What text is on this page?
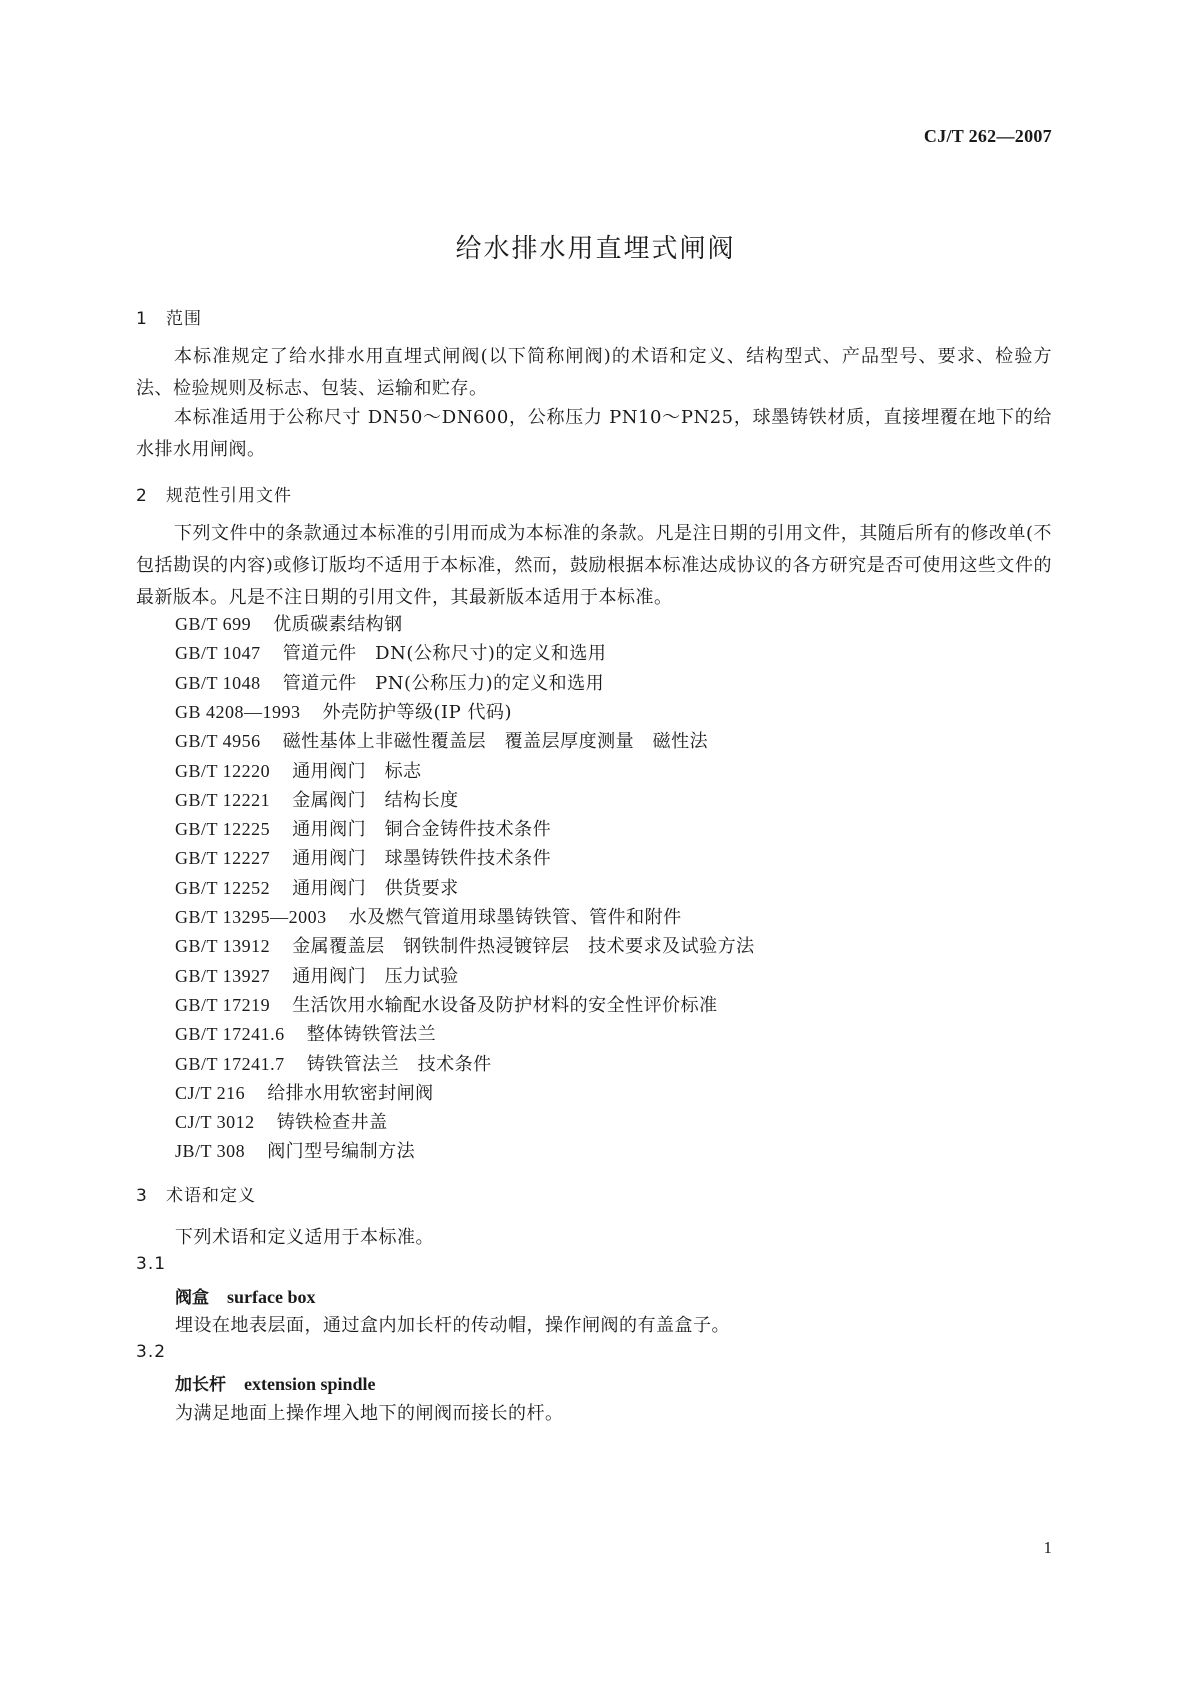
CJ/T 262—2007
给水排水用直埋式闸阀
1 范围
本标准规定了给水排水用直埋式闸阀(以下简称闸阀)的术语和定义、结构型式、产品型号、要求、检验方法、检验规则及标志、包装、运输和贮存。
本标准适用于公称尺寸 DN50～DN600，公称压力 PN10～PN25，球墨铸铁材质，直接埋覆在地下的给水排水用闸阀。
2 规范性引用文件
下列文件中的条款通过本标准的引用而成为本标准的条款。凡是注日期的引用文件，其随后所有的修改单(不包括勘误的内容)或修订版均不适用于本标准，然而，鼓励根据本标准达成协议的各方研究是否可使用这些文件的最新版本。凡是不注日期的引用文件，其最新版本适用于本标准。
GB/T 699 优质碳素结构钢
GB/T 1047 管道元件　DN(公称尺寸)的定义和选用
GB/T 1048 管道元件　PN(公称压力)的定义和选用
GB 4208—1993 外壳防护等级(IP 代码)
GB/T 4956 磁性基体上非磁性覆盖层　覆盖层厚度测量　磁性法
GB/T 12220 通用阀门　标志
GB/T 12221 金属阀门　结构长度
GB/T 12225 通用阀门　铜合金铸件技术条件
GB/T 12227 通用阀门　球墨铸铁件技术条件
GB/T 12252 通用阀门　供货要求
GB/T 13295—2003 水及燃气管道用球墨铸铁管、管件和附件
GB/T 13912 金属覆盖层　钢铁制件热浸镀锌层　技术要求及试验方法
GB/T 13927 通用阀门　压力试验
GB/T 17219 生活饮用水输配水设备及防护材料的安全性评价标准
GB/T 17241.6 整体铸铁管法兰
GB/T 17241.7 铸铁管法兰　技术条件
CJ/T 216 给排水用软密封闸阀
CJ/T 3012 铸铁检查井盖
JB/T 308 阀门型号编制方法
3 术语和定义
下列术语和定义适用于本标准。
3.1
阀盒 surface box
埋设在地表层面，通过盒内加长杆的传动帽，操作闸阀的有盖盒子。
3.2
加长杆 extension spindle
为满足地面上操作埋入地下的闸阀而接长的杆。
1
